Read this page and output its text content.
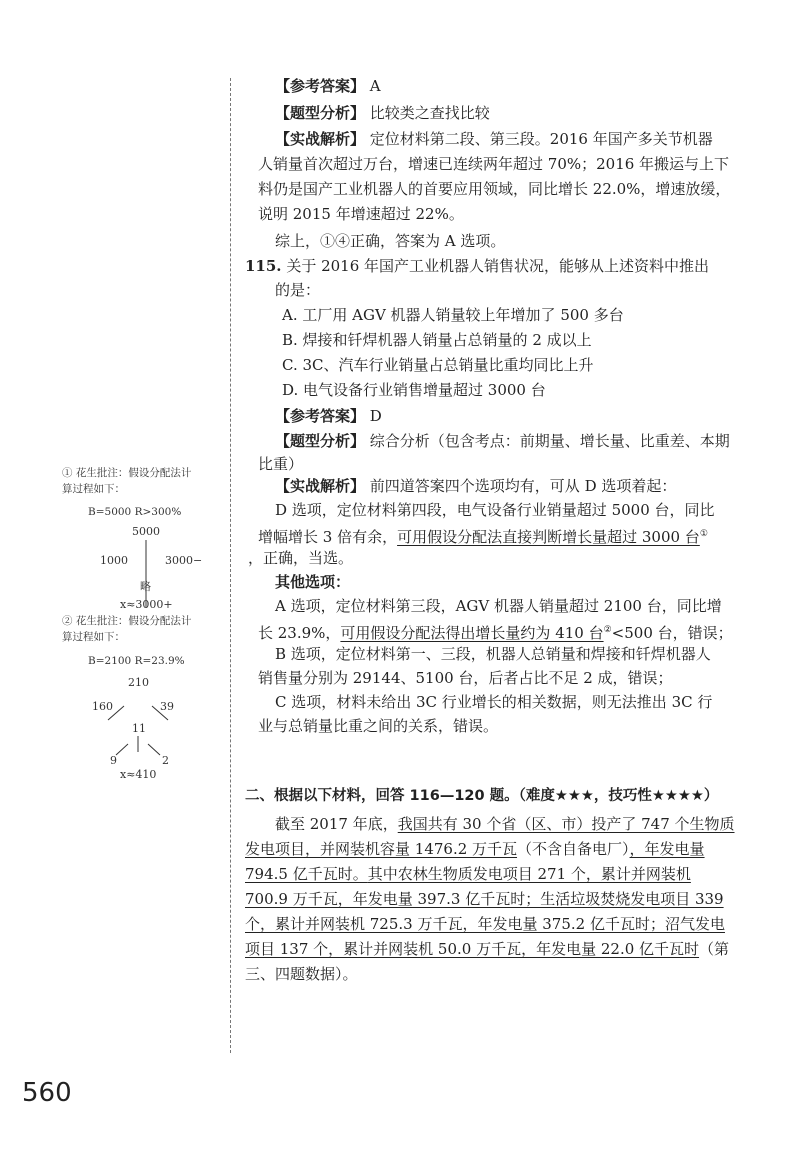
【参考答案】 A
【题型分析】 比较类之查找比较
【实战解析】 定位材料第二段、第三段。2016 年国产多关节机器
人销量首次超过万台，增速已连续两年超过 70%；2016 年搬运与上下
料仍是国产工业机器人的首要应用领域，同比增长 22.0%，增速放缓，
说明 2015 年增速超过 22%。
综上，①④正确，答案为 A 选项。
115. 关于 2016 年国产工业机器人销售状况，能够从上述资料中推出
的是：
A. 工厂用 AGV 机器人销量较上年增加了 500 多台
B. 焊接和钎焊机器人销量占总销量的 2 成以上
C. 3C、汽车行业销量占总销量比重均同比上升
D. 电气设备行业销售增量超过 3000 台
【参考答案】 D
【题型分析】 综合分析（包含考点：前期量、增长量、比重差、本期
比重）
【实战解析】 前四道答案四个选项均有，可从 D 选项着起：
D 选项，定位材料第四段，电气设备行业销量超过 5000 台，同比
增幅增长 3 倍有余，可用假设分配法直接判断增长量超过 3000 台①
，正确，当选。
其他选项：
A 选项，定位材料第三段，AGV 机器人销量超过 2100 台，同比增
长 23.9%，可用假设分配法得出增长量约为 410 台②<500 台，错误；
B 选项，定位材料第一、三段，机器人总销量和焊接和钎焊机器人
销售量分别为 29144、5100 台，后者占比不足 2 成，错误；
C 选项，材料未给出 3C 行业增长的相关数据，则无法推出 3C 行
业与总销量比重之间的关系，错误。
① 花生批注：假设分配法计
算过程如下：
B=5000 R>300%
5000
1000	3000−
略
x≈3000+
② 花生批注：假设分配法计
算过程如下：
B=2100 R=23.9%
210
160	39
11
9	2
x≈410
二、根据以下材料，回答 116—120 题。（难度★★★，技巧性★★★★）
截至 2017 年底，我国共有 30 个省（区、市）投产了 747 个生物质
发电项目，并网装机容量 1476.2 万千瓦（不含自备电厂），年发电量
794.5 亿千瓦时。其中农林生物质发电项目 271 个，累计并网装机
700.9 万千瓦，年发电量 397.3 亿千瓦时；生活垃圾焚烧发电项目 339
个，累计并网装机 725.3 万千瓦，年发电量 375.2 亿千瓦时；沼气发电
项目 137 个，累计并网装机 50.0 万千瓦，年发电量 22.0 亿千瓦时（第
三、四题数据）。
560
